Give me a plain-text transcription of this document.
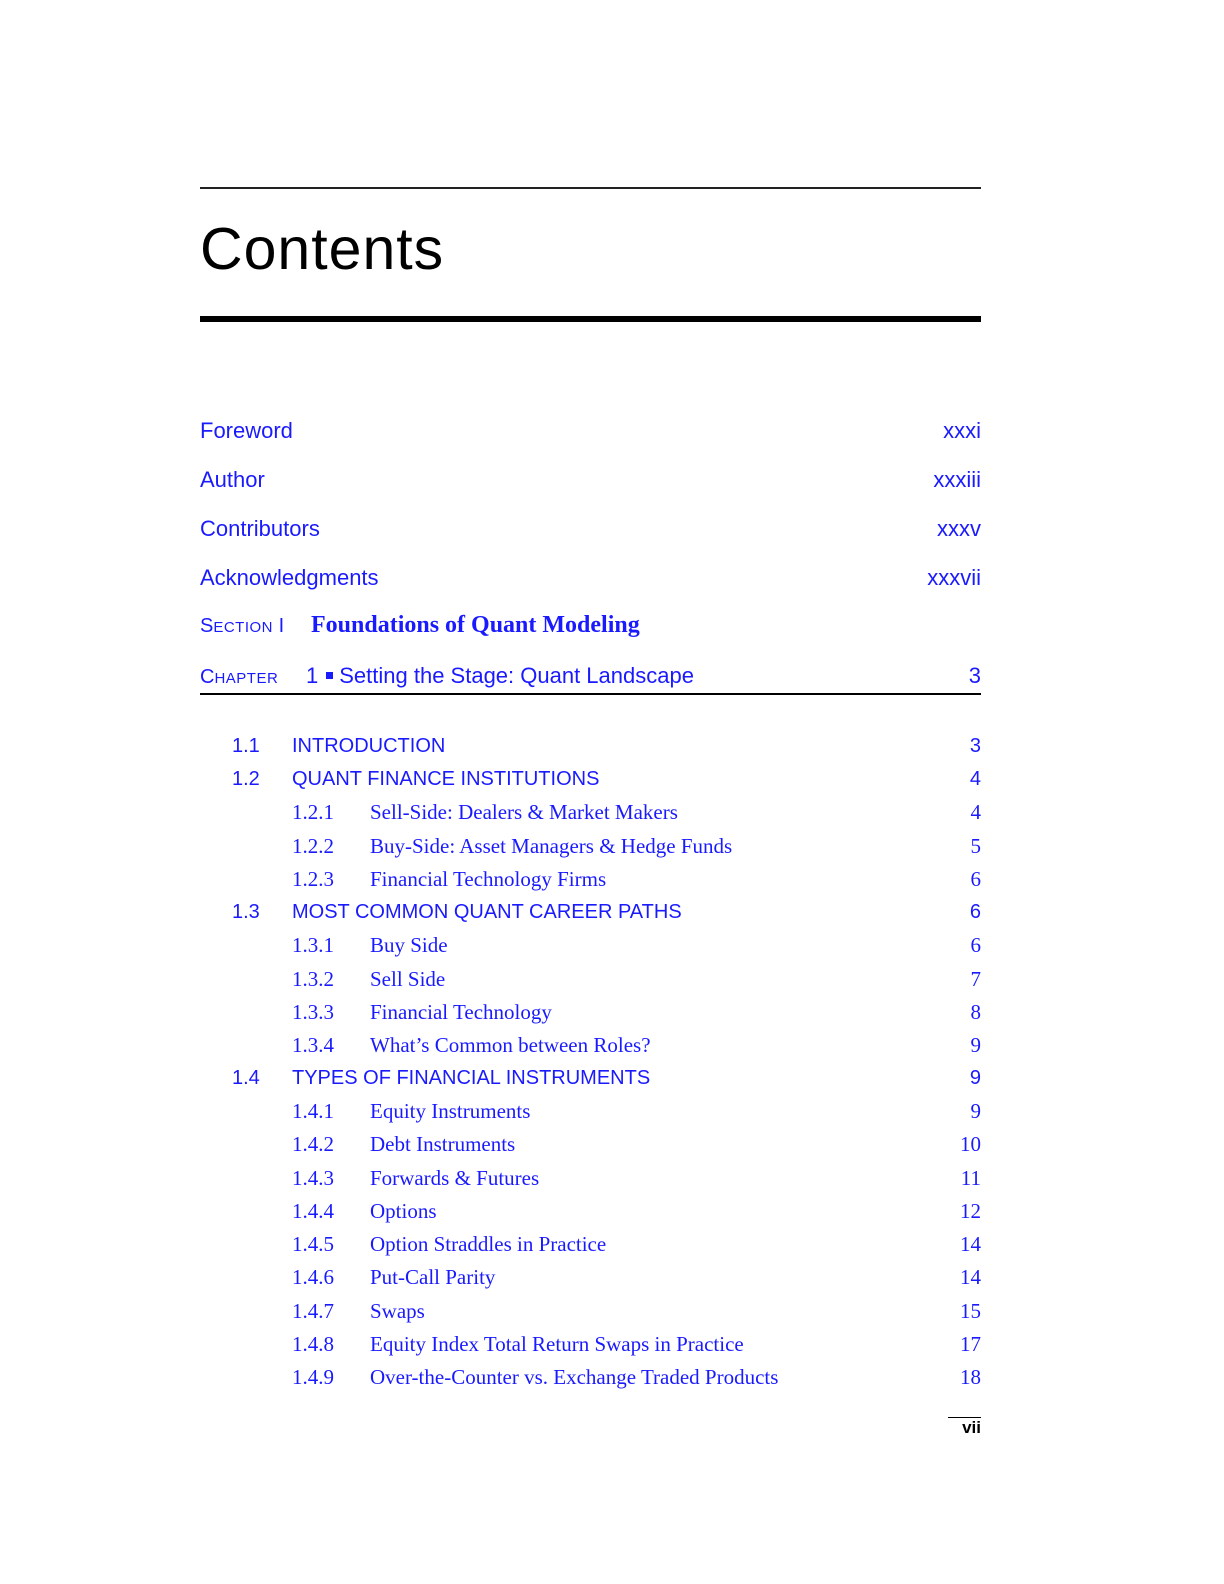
Contents
Foreword	xxxi
Author	xxxiii
Contributors	xxxv
Acknowledgments	xxxvii
SECTION I Foundations of Quant Modeling
CHAPTER 1 Setting the Stage: Quant Landscape	3
1.1 INTRODUCTION	3
1.2 QUANT FINANCE INSTITUTIONS	4
1.2.1 Sell-Side: Dealers & Market Makers	4
1.2.2 Buy-Side: Asset Managers & Hedge Funds	5
1.2.3 Financial Technology Firms	6
1.3 MOST COMMON QUANT CAREER PATHS	6
1.3.1 Buy Side	6
1.3.2 Sell Side	7
1.3.3 Financial Technology	8
1.3.4 What’s Common between Roles?	9
1.4 TYPES OF FINANCIAL INSTRUMENTS	9
1.4.1 Equity Instruments	9
1.4.2 Debt Instruments	10
1.4.3 Forwards & Futures	11
1.4.4 Options	12
1.4.5 Option Straddles in Practice	14
1.4.6 Put-Call Parity	14
1.4.7 Swaps	15
1.4.8 Equity Index Total Return Swaps in Practice	17
1.4.9 Over-the-Counter vs. Exchange Traded Products	18
vii
